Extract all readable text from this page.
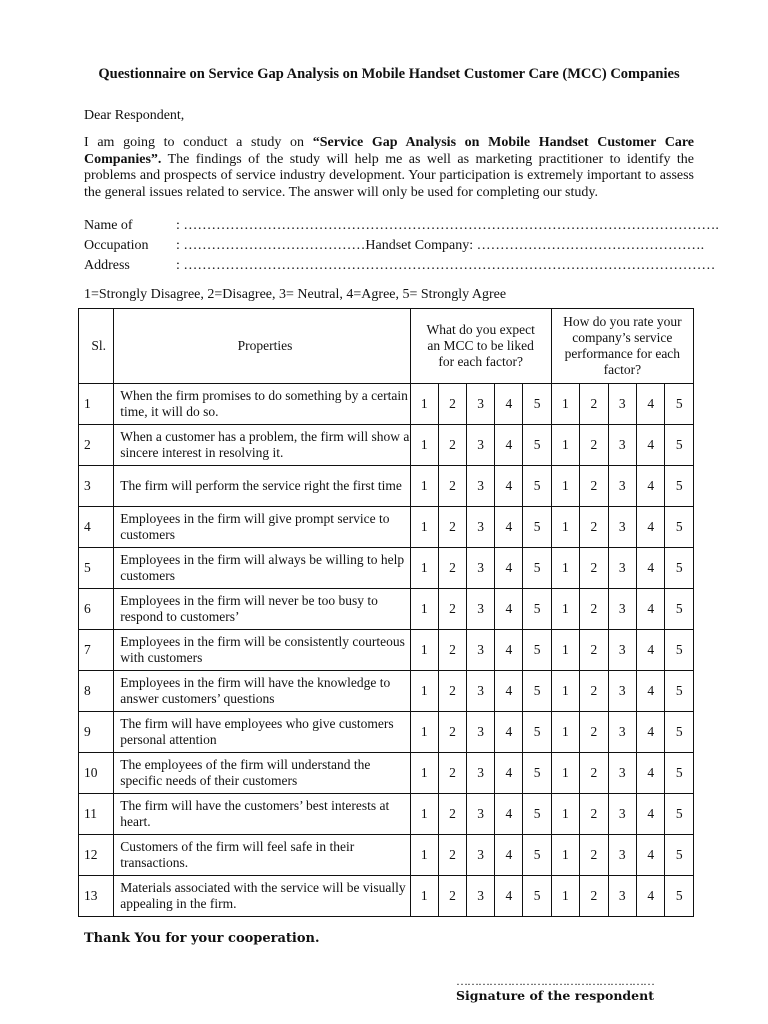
Questionnaire on Service Gap Analysis on Mobile Handset Customer Care (MCC) Companies
Dear Respondent,
I am going to conduct a study on “Service Gap Analysis on Mobile Handset Customer Care Companies”. The findings of the study will help me as well as marketing practitioner to identify the problems and prospects of service industry development. Your participation is extremely important to assess the general issues related to service. The answer will only be used for completing our study.
Name of	: …………………………………………………………………………………………………….
Occupation : …………………………………Handset Company: ………………………………………….
Address	: ……………………………………………………………………………………………………
1=Strongly Disagree, 2=Disagree, 3= Neutral, 4=Agree, 5= Strongly Agree
Sl.	Properties	What do you expect an MCC to be liked for each factor?					How do you rate your company’s service performance for each factor?				

1	When the firm promises to do something by a certain time, it will do so.	1	2	3	4	5	1	2	3	4	5
2	When a customer has a problem, the firm will show a sincere interest in resolving it.	1	2	3	4	5	1	2	3	4	5
3	The firm will perform the service right the first time	1	2	3	4	5	1	2	3	4	5
4	Employees in the firm will give prompt service to customers	1	2	3	4	5	1	2	3	4	5
5	Employees in the firm will always be willing to help customers	1	2	3	4	5	1	2	3	4	5
6	Employees in the firm will never be too busy to respond to customers’	1	2	3	4	5	1	2	3	4	5
7	Employees in the firm will be consistently courteous with customers	1	2	3	4	5	1	2	3	4	5
8	Employees in the firm will have the knowledge to answer customers’ questions	1	2	3	4	5	1	2	3	4	5
9	The firm will have employees who give customers personal attention	1	2	3	4	5	1	2	3	4	5
10	The employees of the firm will understand the specific needs of their customers	1	2	3	4	5	1	2	3	4	5
11	The firm will have the customers’ best interests at heart.	1	2	3	4	5	1	2	3	4	5
12	Customers of the firm will feel safe in their transactions.	1	2	3	4	5	1	2	3	4	5
13	Materials associated with the service will be visually appealing in the firm.	1	2	3	4	5	1	2	3	4	5
Thank You for your cooperation.
………………………………………………
Signature of the respondent
